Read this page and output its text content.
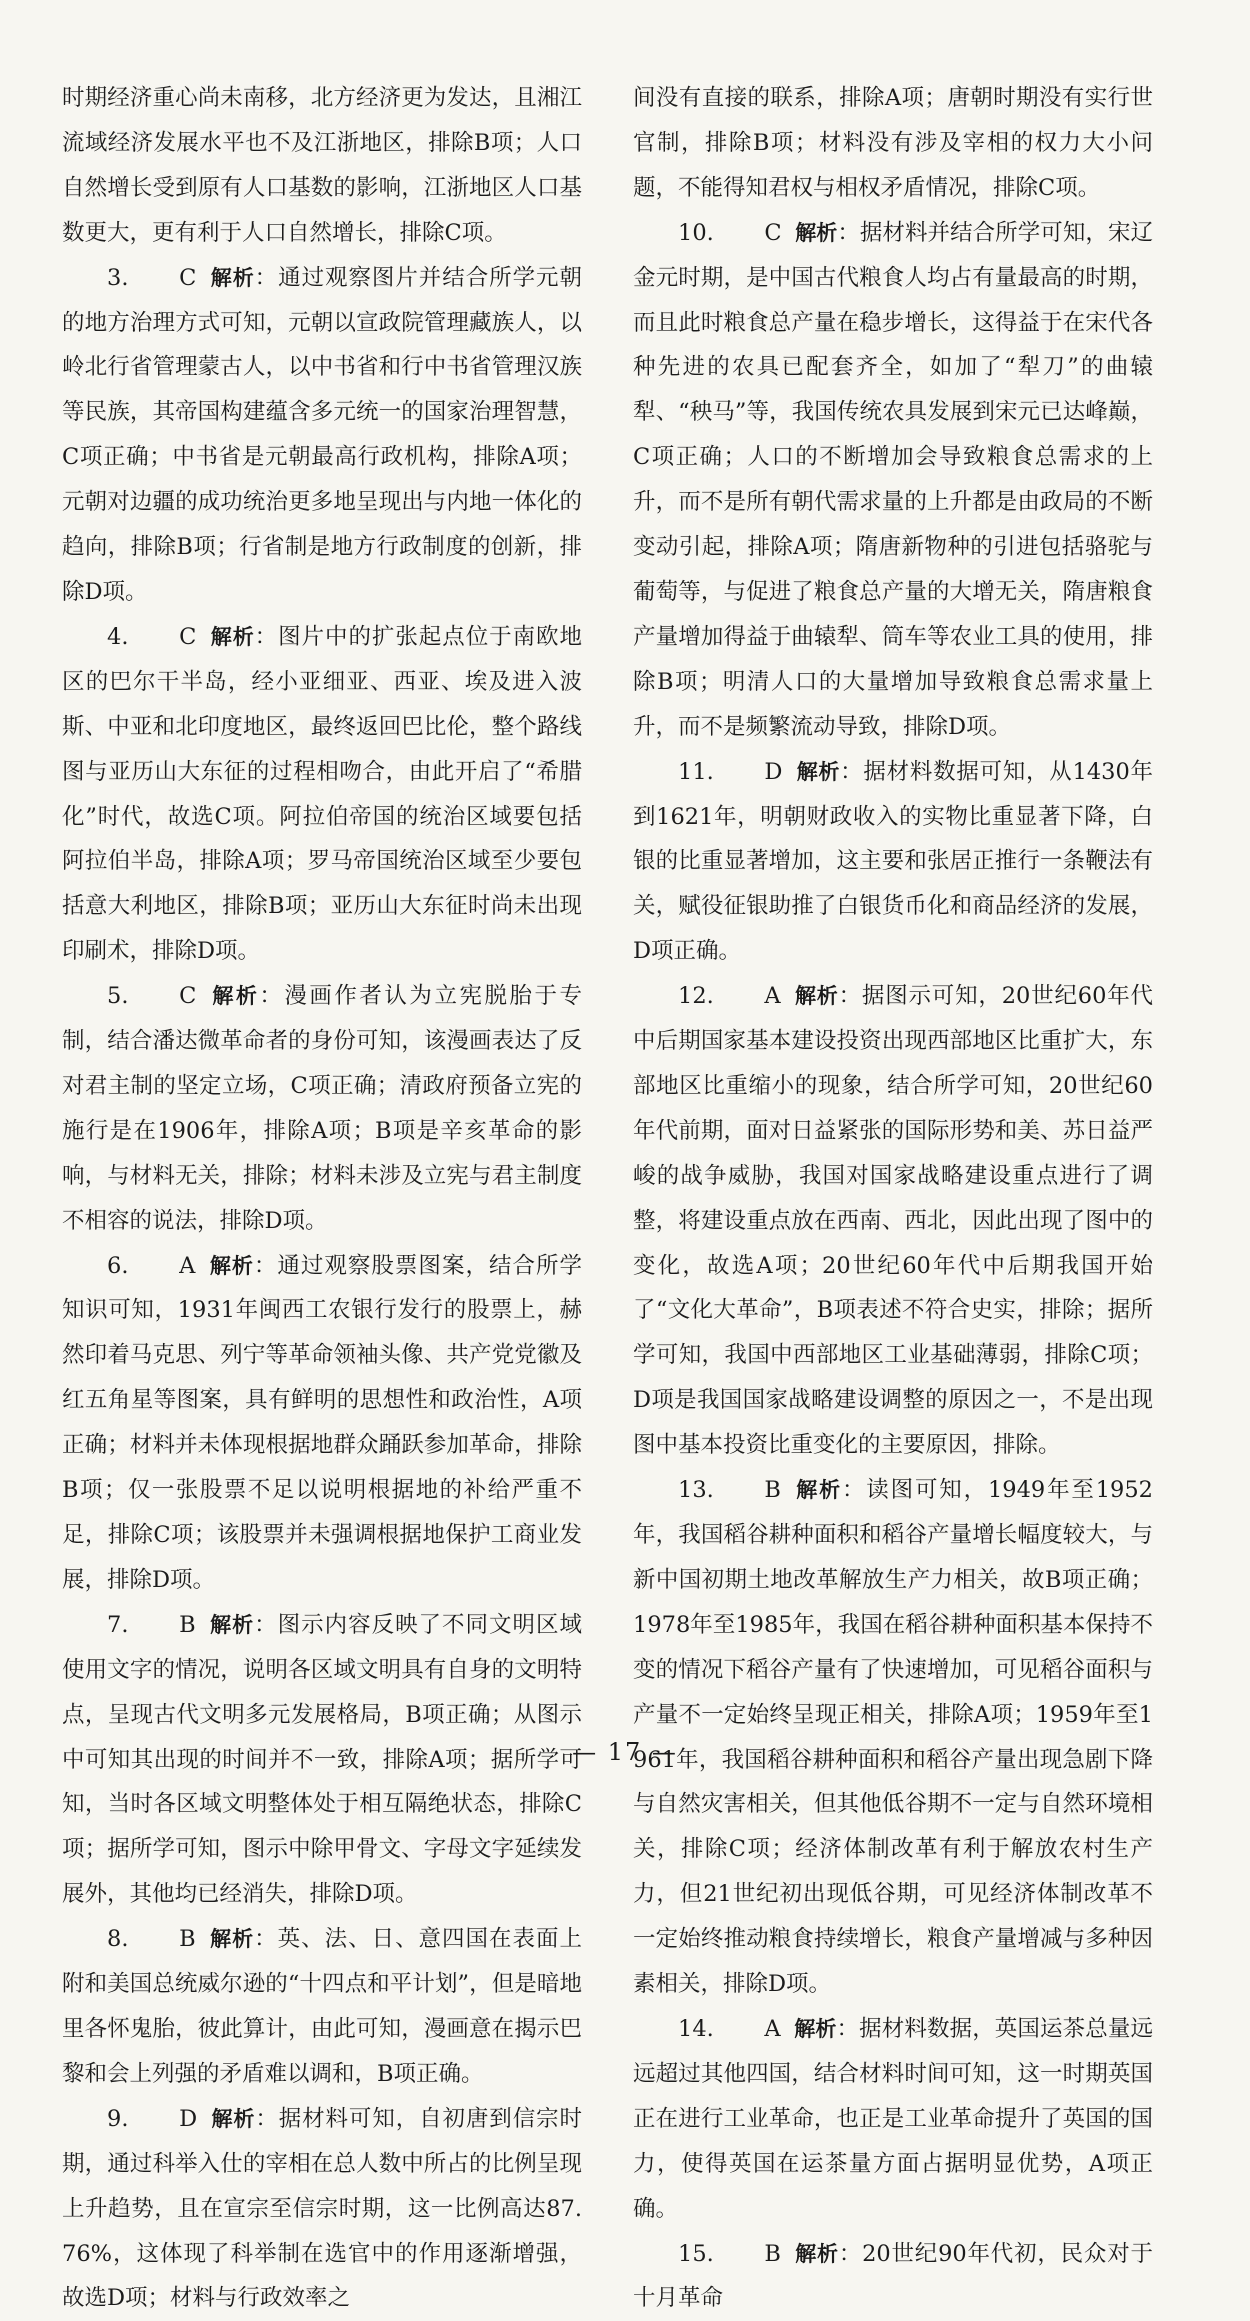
时期经济重心尚未南移，北方经济更为发达，且湘江流域经济发展水平也不及江浙地区，排除B项；人口自然增长受到原有人口基数的影响，江浙地区人口基数更大，更有利于人口自然增长，排除C项。

3. C 解析：通过观察图片并结合所学元朝的地方治理方式可知，元朝以宣政院管理藏族人，以岭北行省管理蒙古人，以中书省和行中书省管理汉族等民族，其帝国构建蕴含多元统一的国家治理智慧，C项正确；中书省是元朝最高行政机构，排除A项；元朝对边疆的成功统治更多地呈现出与内地一体化的趋向，排除B项；行省制是地方行政制度的创新，排除D项。

4. C 解析：图片中的扩张起点位于南欧地区的巴尔干半岛，经小亚细亚、西亚、埃及进入波斯、中亚和北印度地区，最终返回巴比伦，整个路线图与亚历山大东征的过程相吻合，由此开启了“希腊化”时代，故选C项。阿拉伯帝国的统治区域要包括阿拉伯半岛，排除A项；罗马帝国统治区域至少要包括意大利地区，排除B项；亚历山大东征时尚未出现印刷术，排除D项。

5. C 解析：漫画作者认为立宪脱胎于专制，结合潘达微革命者的身份可知，该漫画表达了反对君主制的坚定立场，C项正确；清政府预备立宪的施行是在1906年，排除A项；B项是辛亥革命的影响，与材料无关，排除；材料未涉及立宪与君主制度不相容的说法，排除D项。

6. A 解析：通过观察股票图案，结合所学知识可知，1931年闽西工农银行发行的股票上，赫然印着马克思、列宁等革命领袖头像、共产党党徽及红五角星等图案，具有鲜明的思想性和政治性，A项正确；材料并未体现根据地群众踊跃参加革命，排除B项；仅一张股票不足以说明根据地的补给严重不足，排除C项；该股票并未强调根据地保护工商业发展，排除D项。

7. B 解析：图示内容反映了不同文明区域使用文字的情况，说明各区域文明具有自身的文明特点，呈现古代文明多元发展格局，B项正确；从图示中可知其出现的时间并不一致，排除A项；据所学可知，当时各区域文明整体处于相互隔绝状态，排除C项；据所学可知，图示中除甲骨文、字母文字延续发展外，其他均已经消失，排除D项。

8. B 解析：英、法、日、意四国在表面上附和美国总统威尔逊的“十四点和平计划”，但是暗地里各怀鬼胎，彼此算计，由此可知，漫画意在揭示巴黎和会上列强的矛盾难以调和，B项正确。

9. D 解析：据材料可知，自初唐到信宗时期，通过科举入仕的宰相在总人数中所占的比例呈现上升趋势，且在宣宗至信宗时期，这一比例高达87.76%，这体现了科举制在选官中的作用逐渐增强，故选D项；材料与行政效率之

间没有直接的联系，排除A项；唐朝时期没有实行世官制，排除B项；材料没有涉及宰相的权力大小问题，不能得知君权与相权矛盾情况，排除C项。

10. C 解析：据材料并结合所学可知，宋辽金元时期，是中国古代粮食人均占有量最高的时期，而且此时粮食总产量在稳步增长，这得益于在宋代各种先进的农具已配套齐全，如加了“犁刀”的曲辕犁、“秧马”等，我国传统农具发展到宋元已达峰巅，C项正确；人口的不断增加会导致粮食总需求的上升，而不是所有朝代需求量的上升都是由政局的不断变动引起，排除A项；隋唐新物种的引进包括骆驼与葡萄等，与促进了粮食总产量的大增无关，隋唐粮食产量增加得益于曲辕犁、筒车等农业工具的使用，排除B项；明清人口的大量增加导致粮食总需求量上升，而不是频繁流动导致，排除D项。

11. D 解析：据材料数据可知，从1430年到1621年，明朝财政收入的实物比重显著下降，白银的比重显著增加，这主要和张居正推行一条鞭法有关，赋役征银助推了白银货币化和商品经济的发展，D项正确。

12. A 解析：据图示可知，20世纪60年代中后期国家基本建设投资出现西部地区比重扩大，东部地区比重缩小的现象，结合所学可知，20世纪60年代前期，面对日益紧张的国际形势和美、苏日益严峻的战争威胁，我国对国家战略建设重点进行了调整，将建设重点放在西南、西北，因此出现了图中的变化，故选A项；20世纪60年代中后期我国开始了“文化大革命”，B项表述不符合史实，排除；据所学可知，我国中西部地区工业基础薄弱，排除C项；D项是我国国家战略建设调整的原因之一，不是出现图中基本投资比重变化的主要原因，排除。

13. B 解析：读图可知，1949年至1952年，我国稻谷耕种面积和稻谷产量增长幅度较大，与新中国初期土地改革解放生产力相关，故B项正确；1978年至1985年，我国在稻谷耕种面积基本保持不变的情况下稻谷产量有了快速增加，可见稻谷面积与产量不一定始终呈现正相关，排除A项；1959年至1961年，我国稻谷耕种面积和稻谷产量出现急剧下降与自然灾害相关，但其他低谷期不一定与自然环境相关，排除C项；经济体制改革有利于解放农村生产力，但21世纪初出现低谷期，可见经济体制改革不一定始终推动粮食持续增长，粮食产量增减与多种因素相关，排除D项。

14. A 解析：据材料数据，英国运茶总量远远超过其他四国，结合材料时间可知，这一时期英国正在进行工业革命，也正是工业革命提升了英国的国力，使得英国在运茶量方面占据明显优势，A项正确。

15. B 解析：20世纪90年代初，民众对于十月革命

— 17 —
